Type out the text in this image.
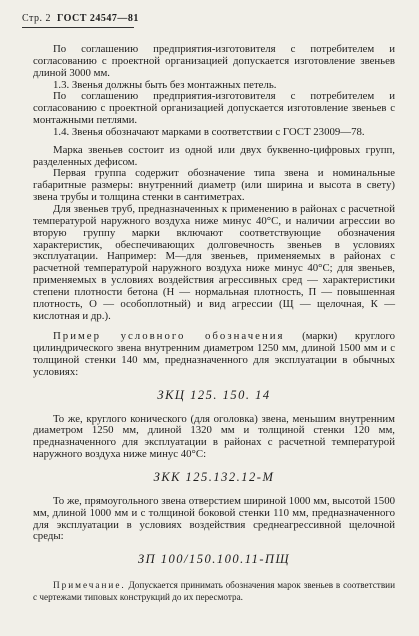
Стр. 2 ГОСТ 24547—81

По соглашению предприятия-изготовителя с потребителем и согласованию с проектной организацией допускается изготовление звеньев длиной 3000 мм.

1.3. Звенья должны быть без монтажных петель.

По соглашению предприятия-изготовителя с потребителем и согласованию с проектной организацией допускается изготовление звеньев с монтажными петлями.

1.4. Звенья обозначают марками в соответствии с ГОСТ 23009—78.

Марка звеньев состоит из одной или двух буквенно-цифровых групп, разделенных дефисом.

Первая группа содержит обозначение типа звена и номинальные габаритные размеры: внутренний диаметр (или ширина и высота в свету) звена трубы и толщина стенки в сантиметрах.

Для звеньев труб, предназначенных к применению в районах с расчетной температурой наружного воздуха ниже минус 40°С, и наличии агрессии во вторую группу марки включают соответствующие обозначения характеристик, обеспечивающих долговечность звеньев в условиях эксплуатации. Например: М—для звеньев, применяемых в районах с расчетной температурой наружного воздуха ниже минус 40°С; для звеньев, применяемых в условиях воздействия агрессивных сред — характеристики степени плотности бетона (Н — нормальная плотность, П — повышенная плотность, О — особоплотный) и вид агрессии (Щ — щелочная, К — кислотная и др.).

Пример условного обозначения (марки) круглого цилиндрического звена внутренним диаметром 1250 мм, длиной 1500 мм и с толщиной стенки 140 мм, предназначенного для эксплуатации в обычных условиях:

ЗКЦ 125. 150. 14

То же, круглого конического (для оголовка) звена, меньшим внутренним диаметром 1250 мм, длиной 1320 мм и толщиной стенки 120 мм, предназначенного для эксплуатации в районах с расчетной температурой наружного воздуха ниже минус 40°С:

ЗКК 125.132.12-М

То же, прямоугольного звена отверстием шириной 1000 мм, высотой 1500 мм, длиной 1000 мм и с толщиной боковой стенки 110 мм, предназначенного для эксплуатации в условиях воздействия среднеагрессивной щелочной среды:

ЗП 100/150.100.11-ПЩ
Примечание. Допускается принимать обозначения марок звеньев в соответствии с чертежами типовых конструкций до их пересмотра.
